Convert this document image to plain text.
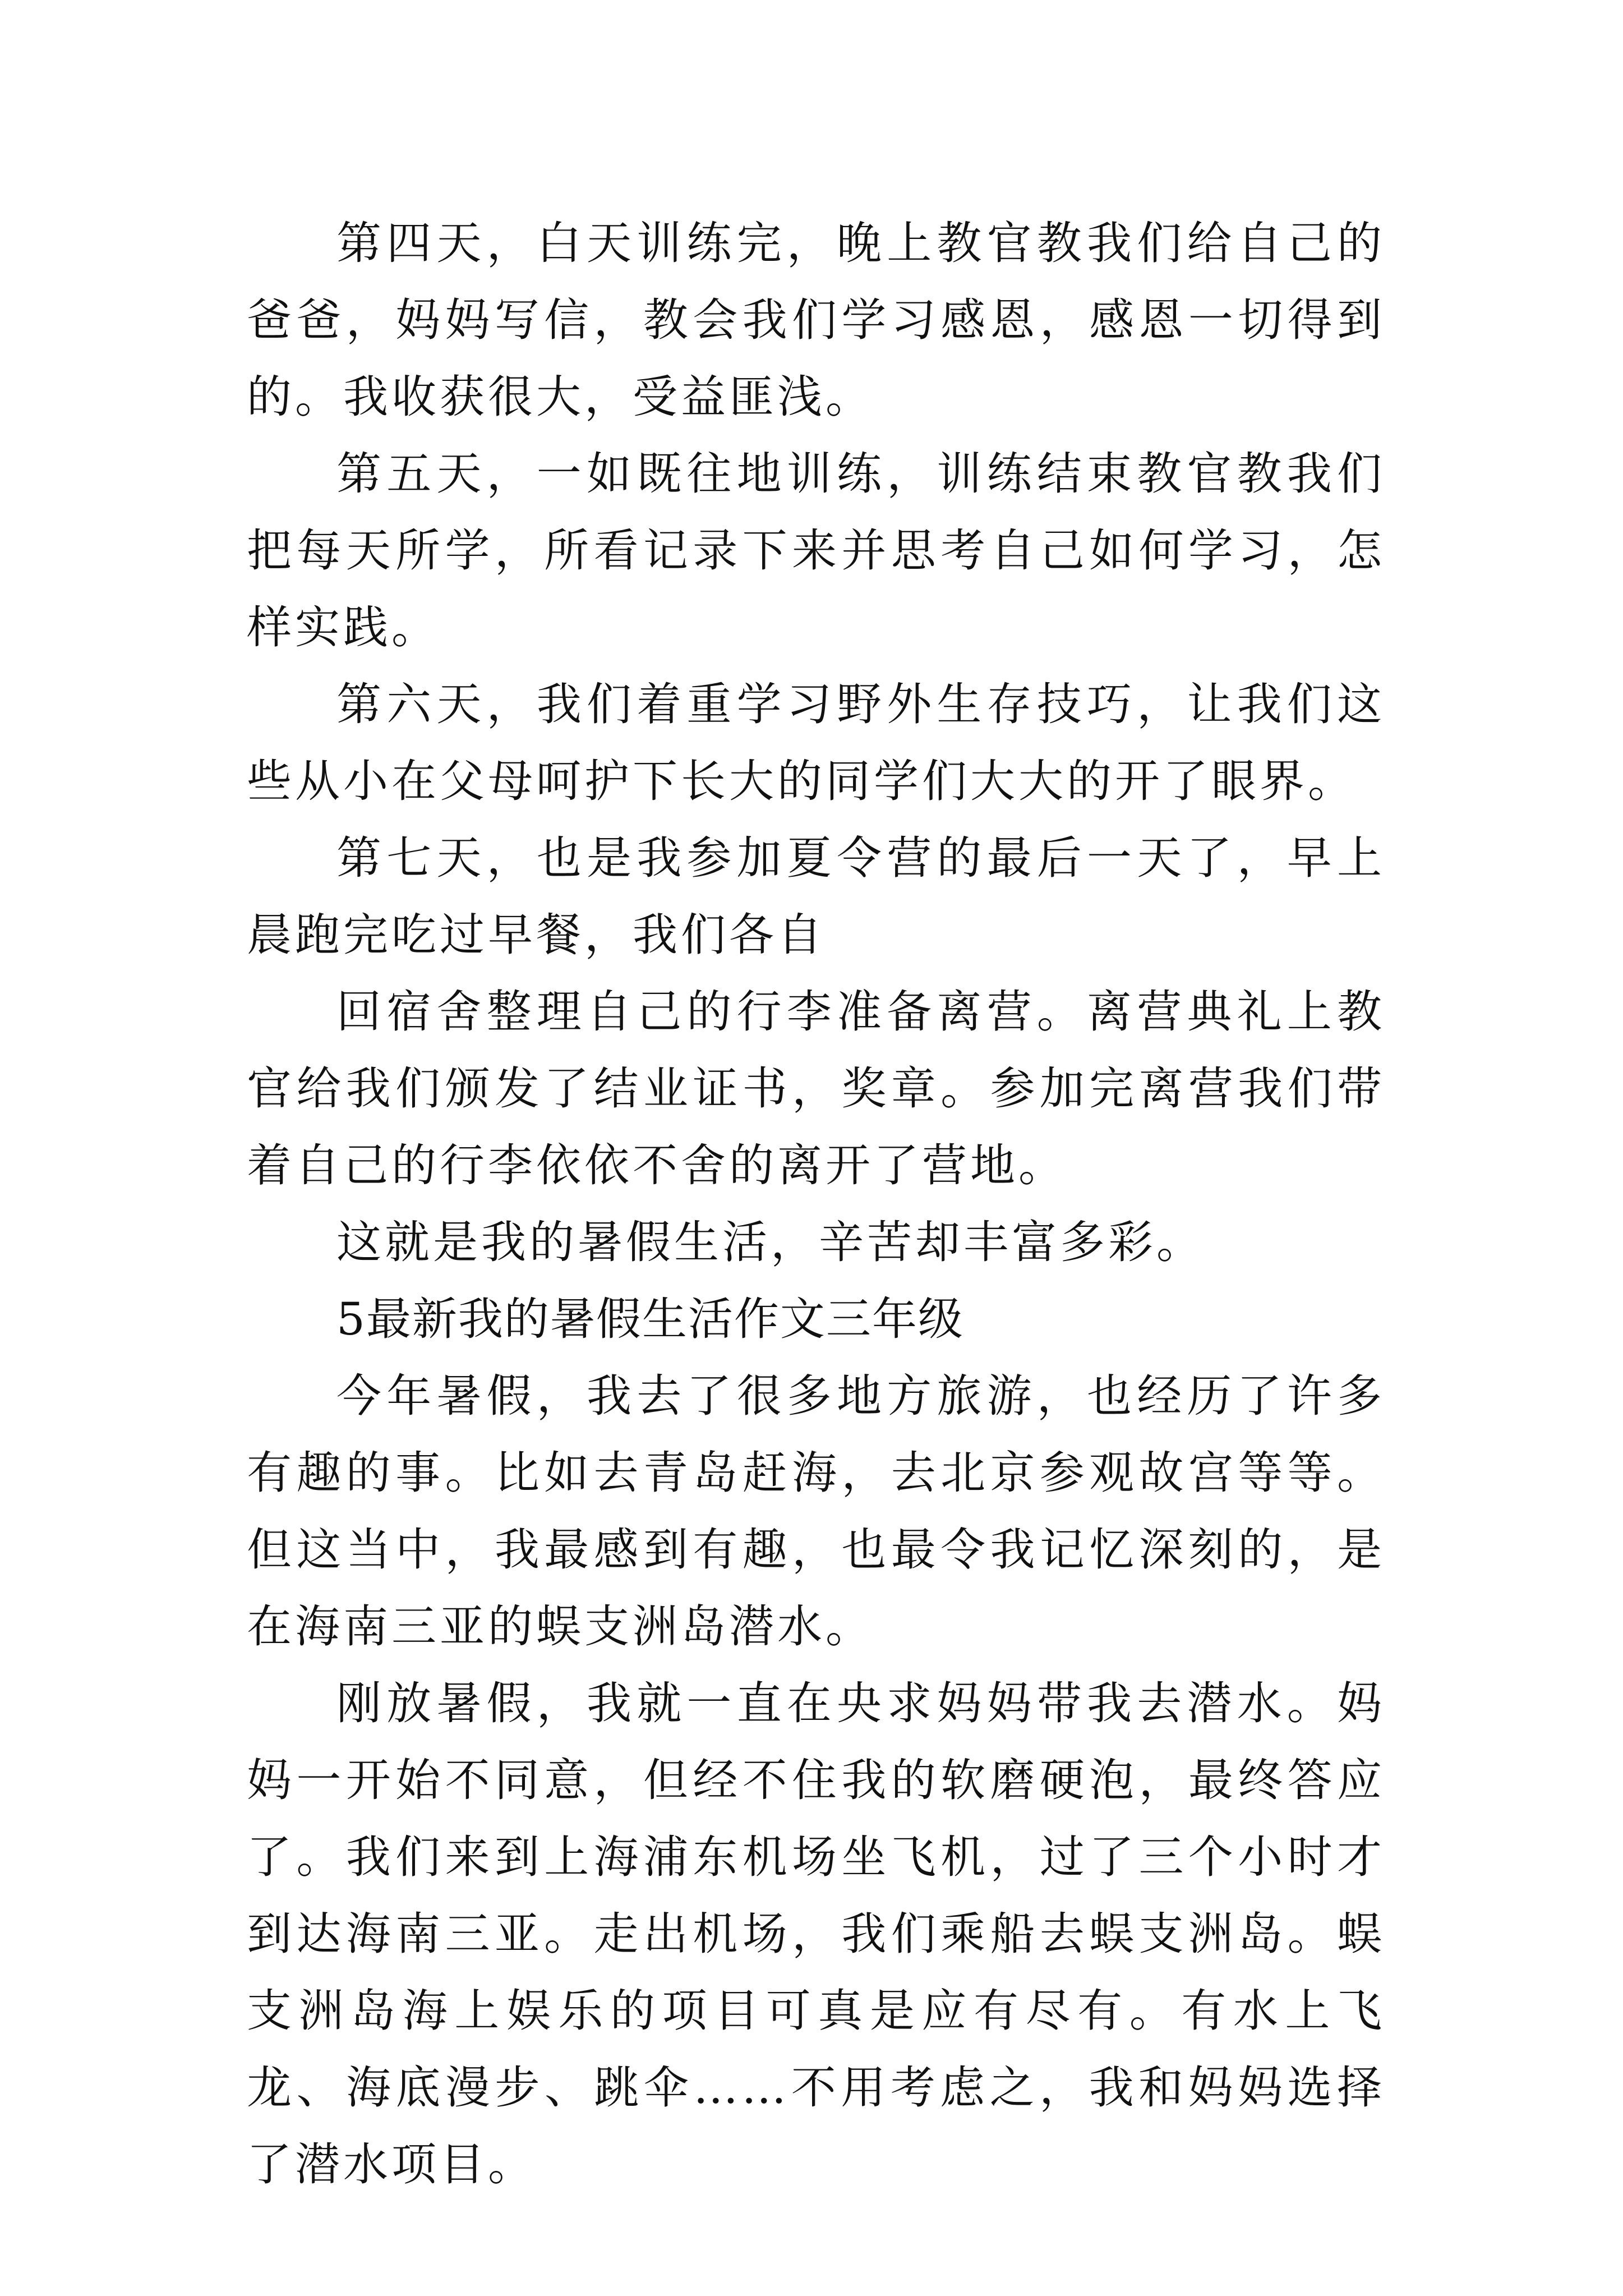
第四天，白天训练完，晚上教官教我们给自己的爸爸，妈妈写信，教会我们学习感恩，感恩一切得到的。我收获很大，受益匪浅。

第五天，一如既往地训练，训练结束教官教我们把每天所学，所看记录下来并思考自己如何学习，怎样实践。

第六天，我们着重学习野外生存技巧，让我们这些从小在父母呵护下长大的同学们大大的开了眼界。

第七天，也是我参加夏令营的最后一天了，早上晨跑完吃过早餐，我们各自

回宿舍整理自己的行李准备离营。离营典礼上教官给我们颁发了结业证书，奖章。参加完离营我们带着自己的行李依依不舍的离开了营地。

这就是我的暑假生活，辛苦却丰富多彩。

5最新我的暑假生活作文三年级

今年暑假，我去了很多地方旅游，也经历了许多有趣的事。比如去青岛赶海，去北京参观故宫等等。但这当中，我最感到有趣，也最令我记忆深刻的，是在海南三亚的蜈支洲岛潜水。

刚放暑假，我就一直在央求妈妈带我去潜水。妈妈一开始不同意，但经不住我的软磨硬泡，最终答应了。我们来到上海浦东机场坐飞机，过了三个小时才到达海南三亚。走出机场，我们乘船去蜈支洲岛。蜈支洲岛海上娱乐的项目可真是应有尽有。有水上飞龙、海底漫步、跳伞……不用考虑之，我和妈妈选择了潜水项目。
